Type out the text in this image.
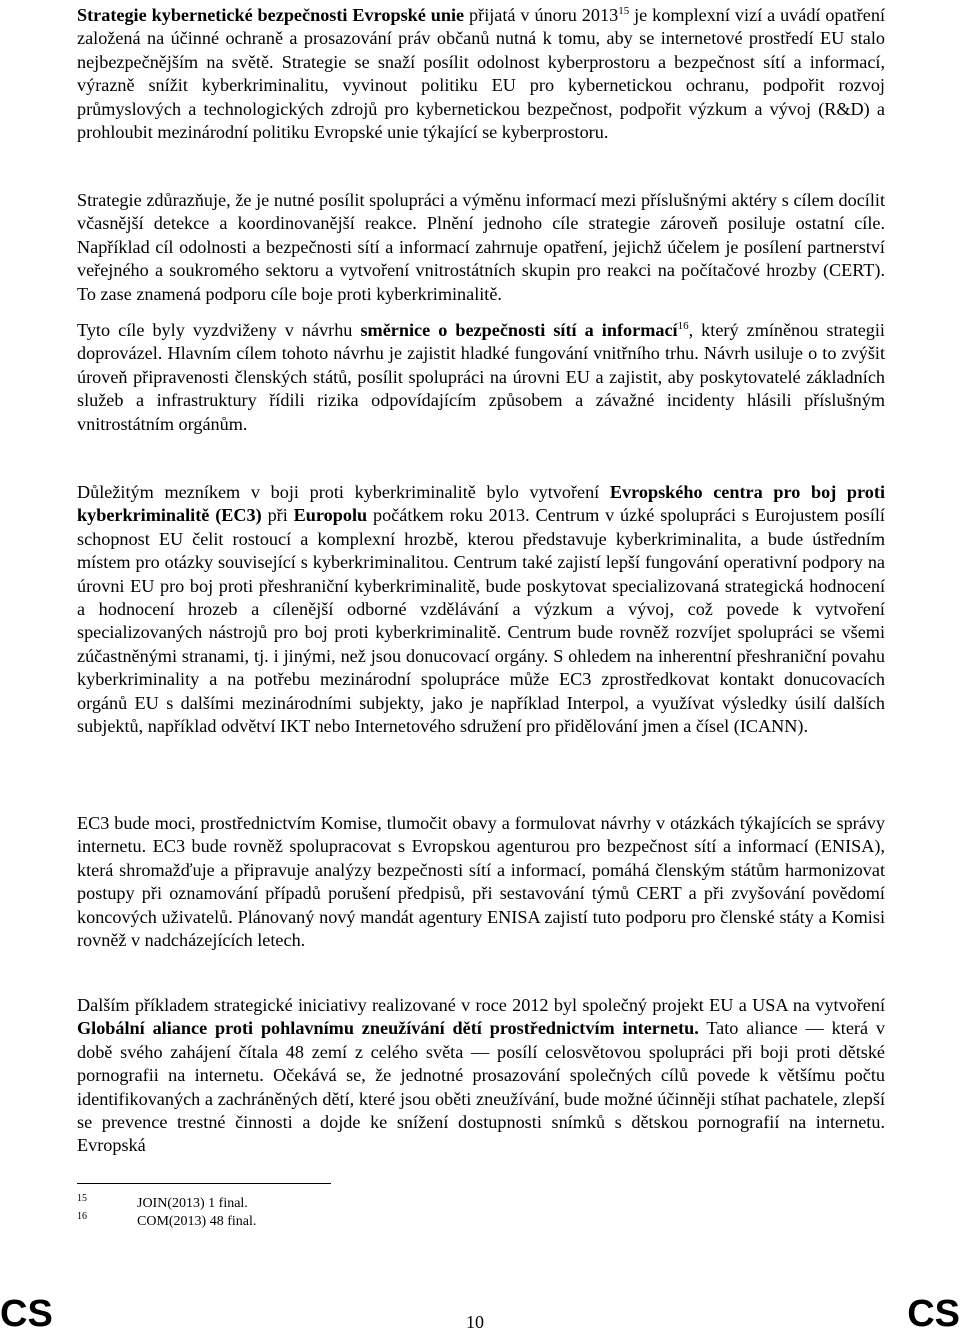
Strategie kybernetické bezpečnosti Evropské unie přijatá v únoru 2013$^{15}$ je komplexní vizí a uvádí opatření založená na účinné ochraně a prosazování práv občanů nutná k tomu, aby se internetové prostředí EU stalo nejbezpečnějším na světě. Strategie se snaží posílit odolnost kyberprostoru a bezpečnost sítí a informací, výrazně snížit kyberkriminalitu, vyvinout politiku EU pro kybernetickou ochranu, podpořit rozvoj průmyslových a technologických zdrojů pro kybernetickou bezpečnost, podpořit výzkum a vývoj (R&D) a prohloubit mezinárodní politiku Evropské unie týkající se kyberprostoru.

Strategie zdůrazňuje, že je nutné posílit spolupráci a výměnu informací mezi příslušnými aktéry s cílem docílit včasnější detekce a koordinovanější reakce. Plnění jednoho cíle strategie zároveň posiluje ostatní cíle. Například cíl odolnosti a bezpečnosti sítí a informací zahrnuje opatření, jejichž účelem je posílení partnerství veřejného a soukromého sektoru a vytvoření vnitrostátních skupin pro reakci na počítačové hrozby (CERT). To zase znamená podporu cíle boje proti kyberkriminalitě.

Důležitým mezníkem v boji proti kyberkriminalitě bylo vytvoření Evropského centra pro boj proti kyberkriminalitě (EC3) při Europolu počátkem roku 2013. Centrum v úzké spolupráci s Eurojustem posílí schopnost EU čelit rostoucí a komplexní hrozbě, kterou představuje kyberkriminalita, a bude ústředním místem pro otázky související s kyberkriminalitou. Centrum také zajistí lepší fungování operativní podpory na úrovni EU pro boj proti přeshraniční kyberkriminalitě, bude poskytovat specializovaná strategická hodnocení a hodnocení hrozeb a cílenější odborné vzdělávání a výzkum a vývoj, což povede k vytvoření specializovaných nástrojů pro boj proti kyberkriminalitě. Centrum bude rovněž rozvíjet spolupráci se všemi zúčastněnými stranami, tj. i jinými, než jsou donucovací orgány. S ohledem na inherentní přeshraniční povahu kyberkriminality a na potřebu mezinárodní spolupráce může EC3 zprostředkovat kontakt donucovacích orgánů EU s dalšími mezinárodními subjekty, jako je například Interpol, a využívat výsledky úsilí dalších subjektů, například odvětví IKT nebo Internetového sdružení pro přidělování jmen a čísel (ICANN).

EC3 bude moci, prostřednictvím Komise, tlumočit obavy a formulovat návrhy v otázkách týkajících se správy internetu. EC3 bude rovněž spolupracovat s Evropskou agenturou pro bezpečnost sítí a informací (ENISA), která shromažďuje a připravuje analýzy bezpečnosti sítí a informací, pomáhá členským státům harmonizovat postupy při oznamování případů porušení předpisů, při sestavování týmů CERT a při zvyšování povědomí koncových uživatelů. Plánovaný nový mandát agentury ENISA zajistí tuto podporu pro členské státy a Komisi rovněž v nadcházejících letech.

Dalším příkladem strategické iniciativy realizované v roce 2012 byl společný projekt EU a USA na vytvoření Globální aliance proti pohlavnímu zneužívání dětí prostřednictvím internetu. Tato aliance — která v době svého zahájení čítala 48 zemí z celého světa — posílí celosvětovou spolupráci při boji proti dětské pornografii na internetu. Očekává se, že jednotné prosazování společných cílů povede k většímu počtu identifikovaných a zachráněných dětí, které jsou oběti zneužívání, bude možné účinněji stíhat pachatele, zlepší se prevence trestné činnosti a dojde ke snížení dostupnosti snímků s dětskou pornografií na internetu. Evropská

Tyto cíle byly vyzdviženy v návrhu směrnice o bezpečnosti sítí a informací$^{16}$, který zmíněnou strategii doprovázel. Hlavním cílem tohoto návrhu je zajistit hladké fungování vnitřního trhu. Návrh usiluje o to zvýšit úroveň připravenosti členských států, posílit spolupráci na úrovni EU a zajistit, aby poskytovatelé základních služeb a infrastruktury řídili rizika odpovídajícím způsobem a závažné incidenty hlásili příslušným vnitrostátním orgánům.

15	JOIN(2013) 1 final.
16	COM(2013) 48 final.
CS	10	CS
